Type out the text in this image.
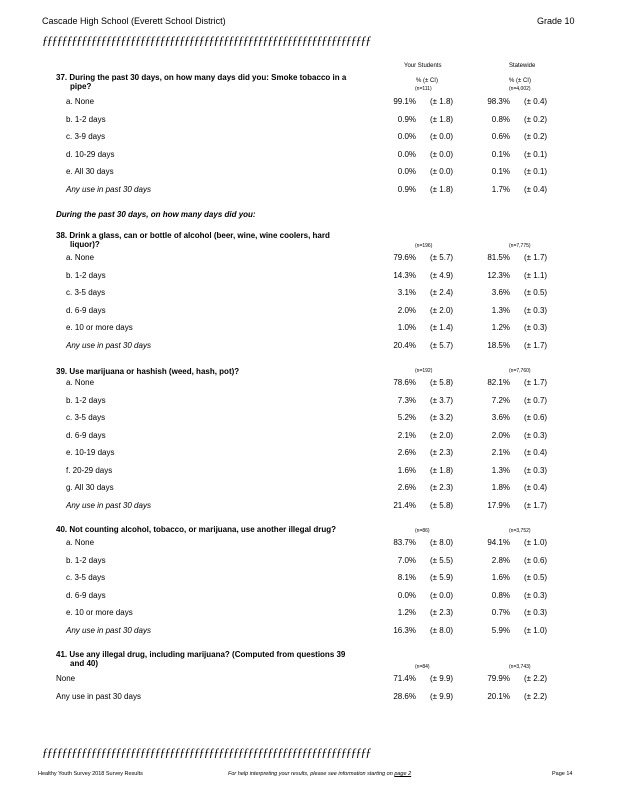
Cascade High School (Everett School District)	Grade 10
ƒƒƒƒƒƒƒƒƒƒƒƒƒƒƒƒƒƒƒƒƒƒƒƒƒƒƒƒƒƒƒƒƒƒƒƒƒƒƒƒƒƒƒƒƒƒƒƒƒƒƒƒƒƒƒƒƒƒƒƒƒƒƒƒƒƒƒ
Your Students	Statewide
% (± CI)	% (± CI)
37. During the past 30 days, on how many days did you: Smoke tobacco in a
pipe?	(n=111)	(n=4,002)
a. None	99.1% (± 1.8)	98.3% (± 0.4)
b. 1-2 days	0.9% (± 1.8)	0.8% (± 0.2)
c. 3-9 days	0.0% (± 0.0)	0.6% (± 0.2)
d. 10-29 days	0.0% (± 0.0)	0.1% (± 0.1)
e. All 30 days	0.0% (± 0.0)	0.1% (± 0.1)
Any use in past 30 days	0.9% (± 1.8)	1.7% (± 0.4)
38. Drink a glass, can or bottle of alcohol (beer, wine, wine coolers, hard
liquor)?	(n=196)	(n=7,775)
a. None	79.6% (± 5.7)	81.5% (± 1.7)
b. 1-2 days	14.3% (± 4.9)	12.3% (± 1.1)
c. 3-5 days	3.1% (± 2.4)	3.6% (± 0.5)
d. 6-9 days	2.0% (± 2.0)	1.3% (± 0.3)
e. 10 or more days	1.0% (± 1.4)	1.2% (± 0.3)
Any use in past 30 days	20.4% (± 5.7)	18.5% (± 1.7)
39. Use marijuana or hashish (weed, hash, pot)?	(n=192)	(n=7,760)
a. None	78.6% (± 5.8)	82.1% (± 1.7)
b. 1-2 days	7.3% (± 3.7)	7.2% (± 0.7)
c. 3-5 days	5.2% (± 3.2)	3.6% (± 0.6)
d. 6-9 days	2.1% (± 2.0)	2.0% (± 0.3)
e. 10-19 days	2.6% (± 2.3)	2.1% (± 0.4)
f. 20-29 days	1.6% (± 1.8)	1.3% (± 0.3)
g. All 30 days	2.6% (± 2.3)	1.8% (± 0.4)
Any use in past 30 days	21.4% (± 5.8)	17.9% (± 1.7)
40. Not counting alcohol, tobacco, or marijuana, use another illegal drug?	(n=86)	(n=3,752)
a. None	83.7% (± 8.0)	94.1% (± 1.0)
b. 1-2 days	7.0% (± 5.5)	2.8% (± 0.6)
c. 3-5 days	8.1% (± 5.9)	1.6% (± 0.5)
d. 6-9 days	0.0% (± 0.0)	0.8% (± 0.3)
e. 10 or more days	1.2% (± 2.3)	0.7% (± 0.3)
Any use in past 30 days	16.3% (± 8.0)	5.9% (± 1.0)
41. Use any illegal drug, including marijuana? (Computed from questions 39
and 40)	(n=84)	(n=3,743)
None	71.4% (± 9.9)	79.9% (± 2.2)
Any use in past 30 days	28.6% (± 9.9)	20.1% (± 2.2)
During the past 30 days, on how many days did you:
ƒƒƒƒƒƒƒƒƒƒƒƒƒƒƒƒƒƒƒƒƒƒƒƒƒƒƒƒƒƒƒƒƒƒƒƒƒƒƒƒƒƒƒƒƒƒƒƒƒƒƒƒƒƒƒƒƒƒƒƒƒƒƒƒƒƒƒ
Healthy Youth Survey 2018 Survey Results	For help interpreting your results, please see information starting on page 2	Page 14
